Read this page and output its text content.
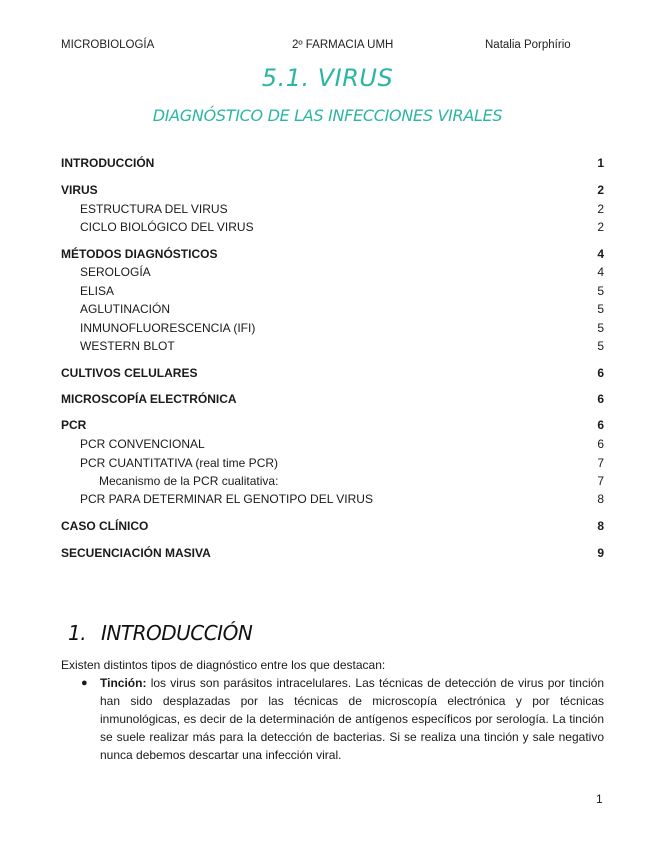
MICROBIOLOGÍA	2º FARMACIA UMH	Natalia Porphírio
5.1. VIRUS
DIAGNÓSTICO DE LAS INFECCIONES VIRALES
INTRODUCCIÓN	1
VIRUS	2
ESTRUCTURA DEL VIRUS	2
CICLO BIOLÓGICO DEL VIRUS	2
MÉTODOS DIAGNÓSTICOS	4
SEROLOGÍA	4
ELISA	5
AGLUTINACIÓN	5
INMUNOFLUORESCENCIA (IFI)	5
WESTERN BLOT	5
CULTIVOS CELULARES	6
MICROSCOPÍA ELECTRÓNICA	6
PCR	6
PCR CONVENCIONAL	6
PCR CUANTITATIVA (real time PCR)	7
Mecanismo de la PCR cualitativa:	7
PCR PARA DETERMINAR EL GENOTIPO DEL VIRUS	8
CASO CLÍNICO	8
SECUENCIACIÓN MASIVA	9
1. INTRODUCCIÓN
Existen distintos tipos de diagnóstico entre los que destacan:
● Tinción: los virus son parásitos intracelulares. Las técnicas de detección de virus por tinción han sido desplazadas por las técnicas de microscopía electrónica y por técnicas inmunológicas, es decir de la determinación de antígenos específicos por serología. La tinción se suele realizar más para la detección de bacterias. Si se realiza una tinción y sale negativo nunca debemos descartar una infección viral.
1
